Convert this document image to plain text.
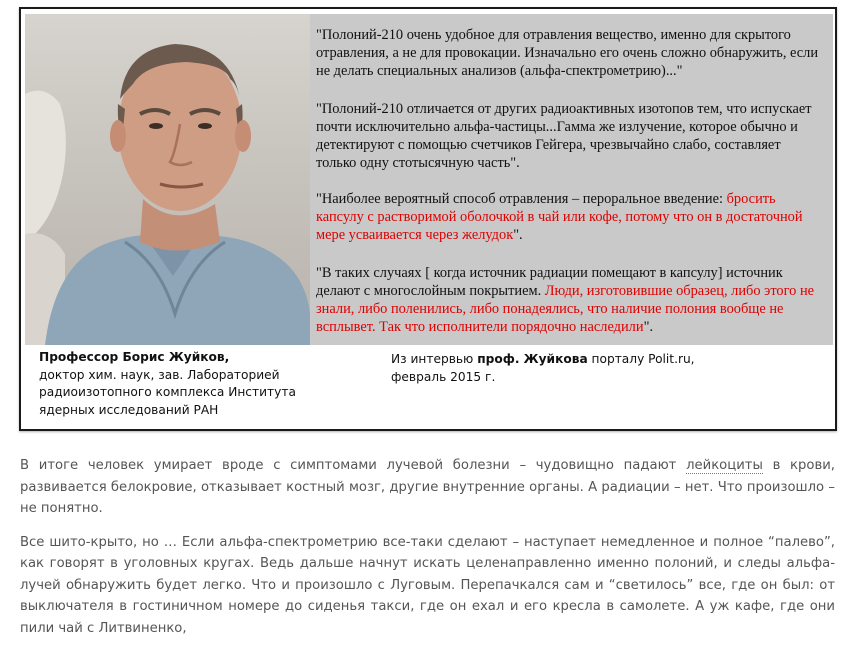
"Полоний-210 очень удобное для отравления вещество, именно для скрытого отравления, а не для провокации. Изначально его очень сложно обнаружить, если не делать специальных анализов (альфа-спектрометрию)..."
"Полоний-210 отличается от других радиоактивных изотопов тем, что испускает почти исключительно альфа-частицы...Гамма же излучение, которое обычно и детектируют с помощью счетчиков Гейгера, чрезвычайно слабо, составляет только одну стотысячную часть".
"Наиболее вероятный способ отравления – пероральное введение: бросить капсулу с растворимой оболочкой в чай или кофе, потому что он в достаточной мере усваивается через желудок".
"В таких случаях [ когда источник радиации помещают в капсулу] источник делают с многослойным покрытием. Люди, изготовившие образец, либо этого не знали, либо поленились, либо понадеялись, что наличие полония вообще не всплывет. Так что исполнители порядочно наследили".
Профессор Борис Жуйков,
доктор хим. наук, зав. Лабораторией
радиоизотопного комплекса Института
ядерных исследований РАН
Из интервью проф. Жуйкова порталу Polit.ru,
февраль 2015 г.

В итоге человек умирает вроде с симптомами лучевой болезни – чудовищно падают лейкоциты в крови, развивается белокровие, отказывает костный мозг, другие внутренние органы. А радиации – нет. Что произошло – не понятно.

Все шито-крыто, но … Если альфа-спектрометрию все-таки сделают – наступает немедленное и полное “палево”, как говорят в уголовных кругах. Ведь дальше начнут искать целенаправленно именно полоний, и следы альфа-лучей обнаружить будет легко. Что и произошло с Луговым. Перепачкался сам и “светилось” все, где он был: от выключателя в гостиничном номере до сиденья такси, где он ехал и его кресла в самолете. А уж кафе, где они пили чай с Литвиненко,
